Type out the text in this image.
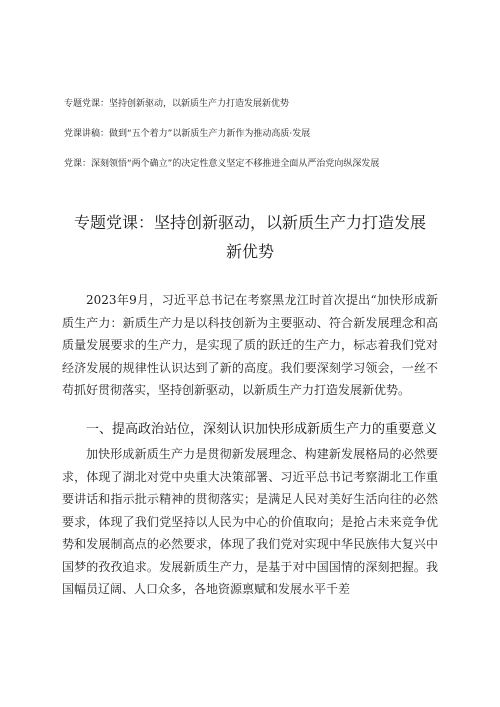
专题党课：坚持创新驱动，以新质生产力打造发展新优势
党课讲稿：做到“五个着力”以新质生产力新作为推动高质·发展
党课：深刻领悟“两个确立”的决定性意义坚定不移推进全面从严治党向纵深发展
专题党课：坚持创新驱动，以新质生产力打造发展新优势

2023年9月，习近平总书记在考察黑龙江时首次提出“加快形成新质生产力：新质生产力是以科技创新为主要驱动、符合新发展理念和高质量发展要求的生产力，是实现了质的跃迁的生产力，标志着我们党对经济发展的规律性认识达到了新的高度。我们要深刻学习领会，一丝不苟抓好贯彻落实，坚持创新驱动，以新质生产力打造发展新优势。

一、提高政治站位，深刻认识加快形成新质生产力的重要意义

加快形成新质生产力是贯彻新发展理念、构建新发展格局的必然要求，体现了湖北对党中央重大决策部署、习近平总书记考察湖北工作重要讲话和指示批示精神的贯彻落实；是满足人民对美好生活向往的必然要求，体现了我们党坚持以人民为中心的价值取向；是抢占未来竞争优势和发展制高点的必然要求，体现了我们党对实现中华民族伟大复兴中国梦的孜孜追求。发展新质生产力，是基于对中国国情的深刻把握。我国幅员辽阔、人口众多，各地资源禀赋和发展水平千差
